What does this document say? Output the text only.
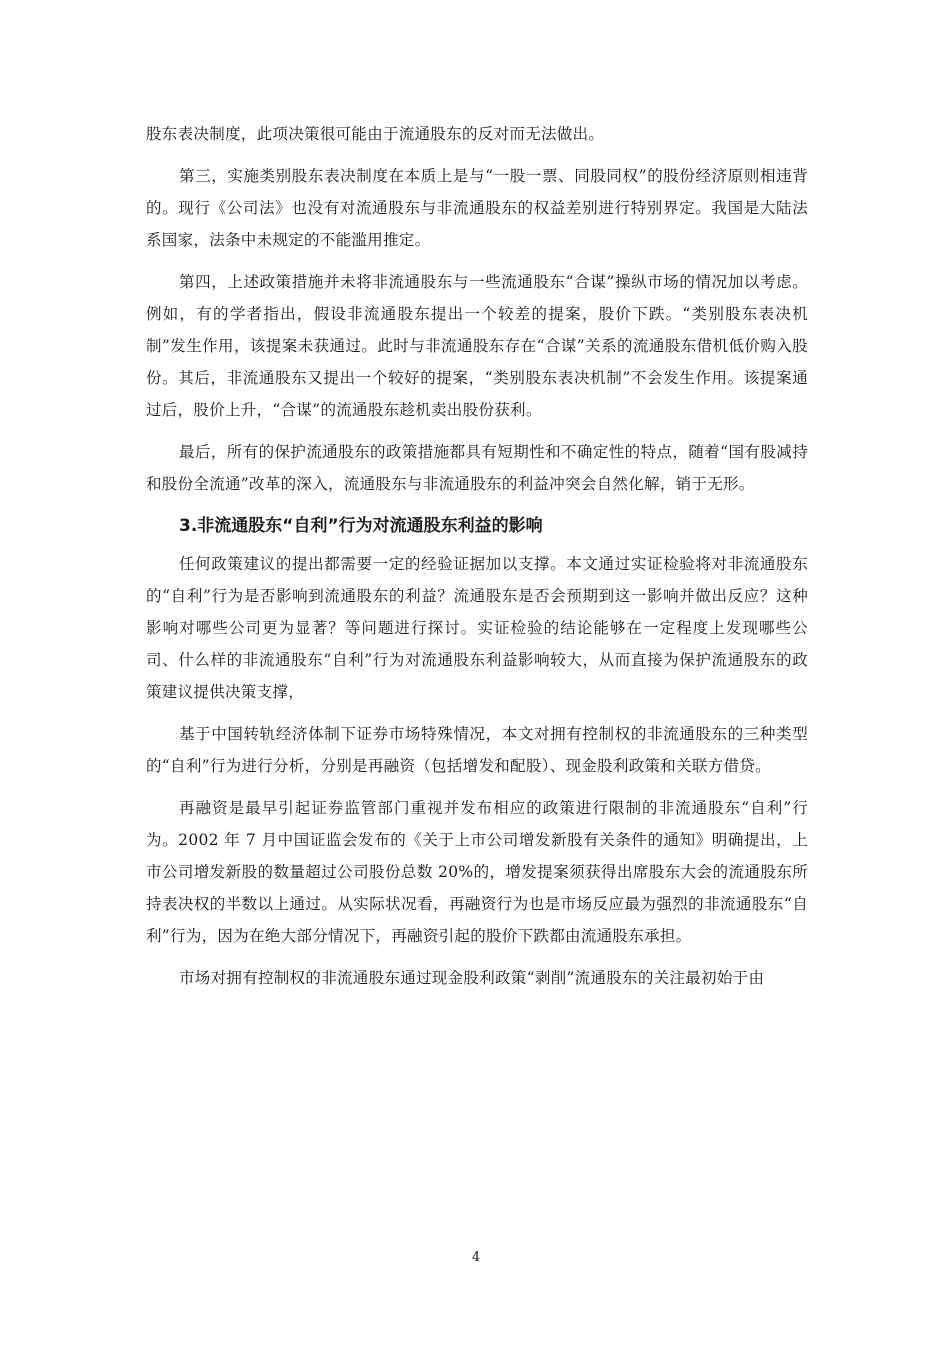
股东表决制度，此项决策很可能由于流通股东的反对而无法做出。

第三，实施类别股东表决制度在本质上是与“一股一票、同股同权”的股份经济原则相违背的。现行《公司法》也没有对流通股东与非流通股东的权益差别进行特别界定。我国是大陆法系国家，法条中未规定的不能滥用推定。

第四，上述政策措施并未将非流通股东与一些流通股东“合谋”操纵市场的情况加以考虑。例如，有的学者指出，假设非流通股东提出一个较差的提案，股价下跌。“类别股东表决机制”发生作用，该提案未获通过。此时与非流通股东存在“合谋”关系的流通股东借机低价购入股份。其后，非流通股东又提出一个较好的提案，“类别股东表决机制”不会发生作用。该提案通过后，股价上升，“合谋”的流通股东趁机卖出股份获利。

最后，所有的保护流通股东的政策措施都具有短期性和不确定性的特点，随着“国有股减持和股份全流通”改革的深入，流通股东与非流通股东的利益冲突会自然化解，销于无形。

3.非流通股东“自利”行为对流通股东利益的影响

任何政策建议的提出都需要一定的经验证据加以支撑。本文通过实证检验将对非流通股东的“自利”行为是否影响到流通股东的利益？流通股东是否会预期到这一影响并做出反应？这种影响对哪些公司更为显著？等问题进行探讨。实证检验的结论能够在一定程度上发现哪些公司、什么样的非流通股东“自利”行为对流通股东利益影响较大，从而直接为保护流通股东的政策建议提供决策支撑，

基于中国转轨经济体制下证券市场特殊情况，本文对拥有控制权的非流通股东的三种类型的“自利”行为进行分析，分别是再融资（包括增发和配股）、现金股利政策和关联方借贷。

再融资是最早引起证券监管部门重视并发布相应的政策进行限制的非流通股东“自利”行为。2002 年 7 月中国证监会发布的《关于上市公司增发新股有关条件的通知》明确提出，上市公司增发新股的数量超过公司股份总数 20%的，增发提案须获得出席股东大会的流通股东所持表决权的半数以上通过。从实际状况看，再融资行为也是市场反应最为强烈的非流通股东“自利”行为，因为在绝大部分情况下，再融资引起的股价下跌都由流通股东承担。

市场对拥有控制权的非流通股东通过现金股利政策“剥削”流通股东的关注最初始于由

4
